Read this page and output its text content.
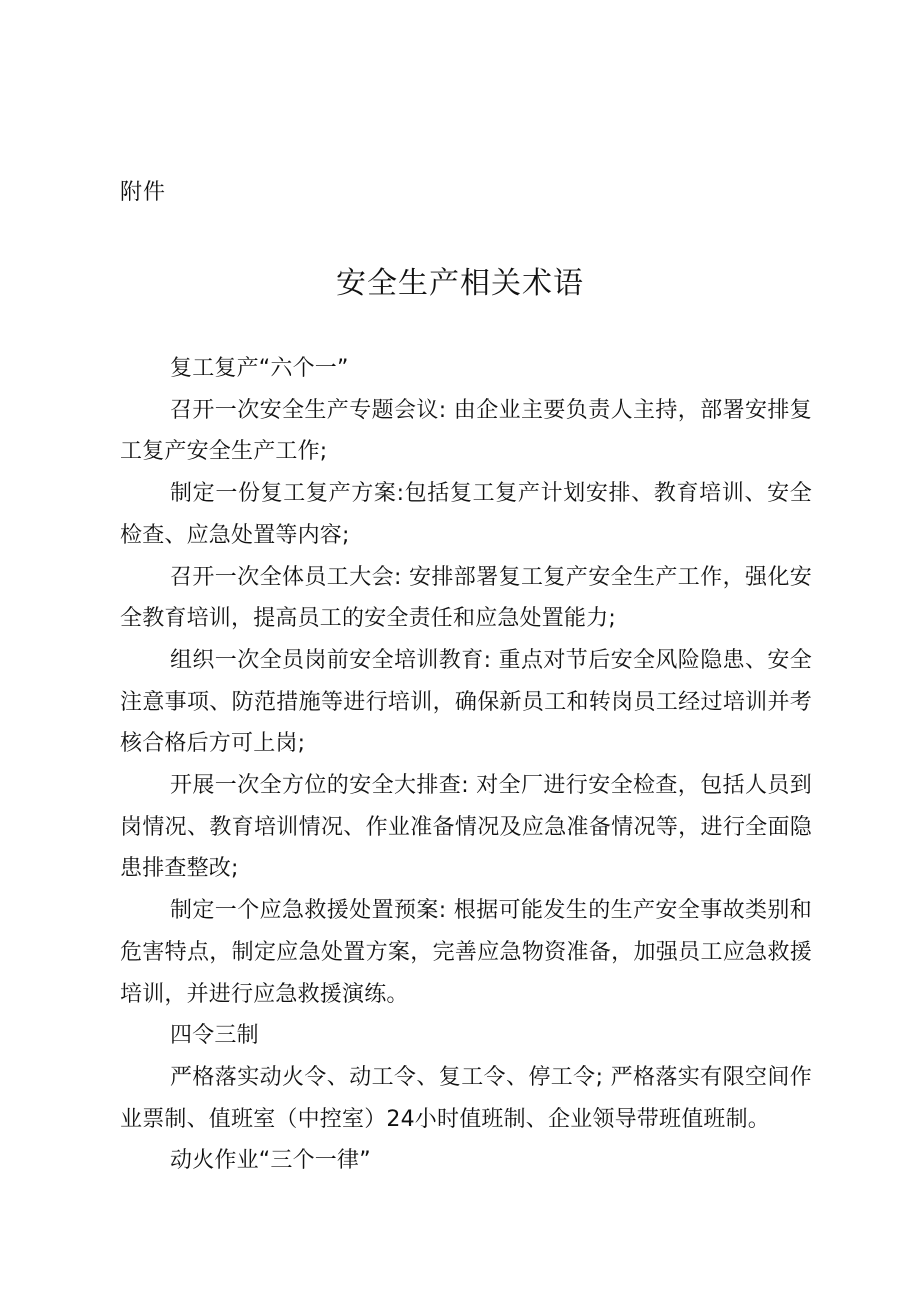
附件
安全生产相关术语

复工复产“六个一”

召开一次安全生产专题会议: 由企业主要负责人主持，部署安排复工复产安全生产工作;

制定一份复工复产方案:包括复工复产计划安排、教育培训、安全检查、应急处置等内容;

召开一次全体员工大会: 安排部署复工复产安全生产工作，强化安全教育培训，提高员工的安全责任和应急处置能力;

组织一次全员岗前安全培训教育: 重点对节后安全风险隐患、安全注意事项、防范措施等进行培训，确保新员工和转岗员工经过培训并考核合格后方可上岗;

开展一次全方位的安全大排查: 对全厂进行安全检查，包括人员到岗情况、教育培训情况、作业准备情况及应急准备情况等，进行全面隐患排查整改;

制定一个应急救援处置预案: 根据可能发生的生产安全事故类别和危害特点，制定应急处置方案，完善应急物资准备，加强员工应急救援培训，并进行应急救援演练。

四令三制

严格落实动火令、动工令、复工令、停工令; 严格落实有限空间作业票制、值班室（中控室）24小时值班制、企业领导带班值班制。

动火作业“三个一律”
